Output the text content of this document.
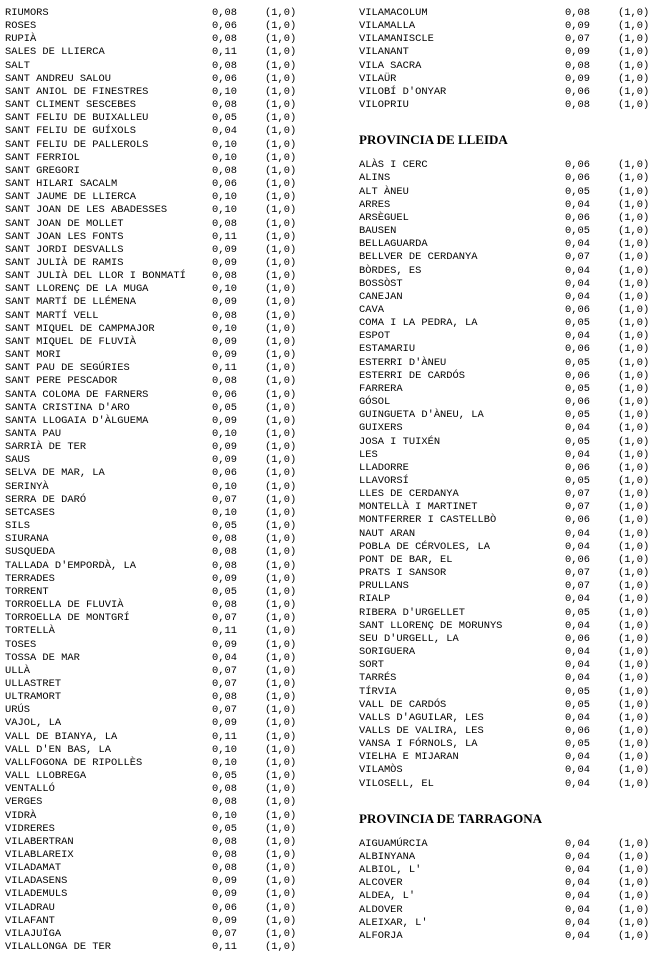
RIUMORS	0,08	(1,0)
ROSES	0,06	(1,0)
RUPIÀ	0,08	(1,0)
SALES DE LLIERCA	0,11	(1,0)
SALT	0,08	(1,0)
SANT ANDREU SALOU	0,06	(1,0)
SANT ANIOL DE FINESTRES	0,10	(1,0)
SANT CLIMENT SESCEBES	0,08	(1,0)
SANT FELIU DE BUIXALLEU	0,05	(1,0)
SANT FELIU DE GUÍXOLS	0,04	(1,0)
SANT FELIU DE PALLEROLS	0,10	(1,0)
SANT FERRIOL	0,10	(1,0)
SANT GREGORI	0,08	(1,0)
SANT HILARI SACALM	0,06	(1,0)
SANT JAUME DE LLIERCA	0,10	(1,0)
SANT JOAN DE LES ABADESSES	0,10	(1,0)
SANT JOAN DE MOLLET	0,08	(1,0)
SANT JOAN LES FONTS	0,11	(1,0)
SANT JORDI DESVALLS	0,09	(1,0)
SANT JULIÀ DE RAMIS	0,09	(1,0)
SANT JULIÀ DEL LLOR I BONMATÍ	0,08	(1,0)
SANT LLORENÇ DE LA MUGA	0,10	(1,0)
SANT MARTÍ DE LLÉMENA	0,09	(1,0)
SANT MARTÍ VELL	0,08	(1,0)
SANT MIQUEL DE CAMPMAJOR	0,10	(1,0)
SANT MIQUEL DE FLUVIÀ	0,09	(1,0)
SANT MORI	0,09	(1,0)
SANT PAU DE SEGÚRIES	0,11	(1,0)
SANT PERE PESCADOR	0,08	(1,0)
SANTA COLOMA DE FARNERS	0,06	(1,0)
SANTA CRISTINA D'ARO	0,05	(1,0)
SANTA LLOGAIA D'ÀLGUEMA	0,09	(1,0)
SANTA PAU	0,10	(1,0)
SARRIÀ DE TER	0,09	(1,0)
SAUS	0,09	(1,0)
SELVA DE MAR, LA	0,06	(1,0)
SERINYÀ	0,10	(1,0)
SERRA DE DARÓ	0,07	(1,0)
SETCASES	0,10	(1,0)
SILS	0,05	(1,0)
SIURANA	0,08	(1,0)
SUSQUEDA	0,08	(1,0)
TALLADA D'EMPORDÀ, LA	0,08	(1,0)
TERRADES	0,09	(1,0)
TORRENT	0,05	(1,0)
TORROELLA DE FLUVIÀ	0,08	(1,0)
TORROELLA DE MONTGRÍ	0,07	(1,0)
TORTELLÀ	0,11	(1,0)
TOSES	0,09	(1,0)
TOSSA DE MAR	0,04	(1,0)
ULLÀ	0,07	(1,0)
ULLASTRET	0,07	(1,0)
ULTRAMORT	0,08	(1,0)
URÚS	0,07	(1,0)
VAJOL, LA	0,09	(1,0)
VALL DE BIANYA, LA	0,11	(1,0)
VALL D'EN BAS, LA	0,10	(1,0)
VALLFOGONA DE RIPOLLÈS	0,10	(1,0)
VALL LLOBREGA	0,05	(1,0)
VENTALLÓ	0,08	(1,0)
VERGES	0,08	(1,0)
VIDRÀ	0,10	(1,0)
VIDRERES	0,05	(1,0)
VILABERTRAN	0,08	(1,0)
VILABLAREIX	0,08	(1,0)
VILADAMAT	0,08	(1,0)
VILADASENS	0,09	(1,0)
VILADEMULS	0,09	(1,0)
VILADRAU	0,06	(1,0)
VILAFANT	0,09	(1,0)
VILAJUÏGA	0,07	(1,0)
VILALLONGA DE TER	0,11	(1,0)
VILAMACOLUM	0,08	(1,0)
VILAMALLA	0,09	(1,0)
VILAMANISCLE	0,07	(1,0)
VILANANT	0,09	(1,0)
VILA SACRA	0,08	(1,0)
VILAÜR	0,09	(1,0)
VILOBÍ D'ONYAR	0,06	(1,0)
VILOPRIU	0,08	(1,0)
PROVINCIA DE LLEIDA
ALÀS I CERC	0,06	(1,0)
ALINS	0,06	(1,0)
ALT ÀNEU	0,05	(1,0)
ARRES	0,04	(1,0)
ARSÈGUEL	0,06	(1,0)
BAUSEN	0,05	(1,0)
BELLAGUARDA	0,04	(1,0)
BELLVER DE CERDANYA	0,07	(1,0)
BÒRDES, ES	0,04	(1,0)
BOSSÒST	0,04	(1,0)
CANEJAN	0,04	(1,0)
CAVA	0,06	(1,0)
COMA I LA PEDRA, LA	0,05	(1,0)
ESPOT	0,04	(1,0)
ESTAMARIU	0,06	(1,0)
ESTERRI D'ÀNEU	0,05	(1,0)
ESTERRI DE CARDÓS	0,06	(1,0)
FARRERA	0,05	(1,0)
GÓSOL	0,06	(1,0)
GUINGUETA D'ÀNEU, LA	0,05	(1,0)
GUIXERS	0,04	(1,0)
JOSA I TUIXÉN	0,05	(1,0)
LES	0,04	(1,0)
LLADORRE	0,06	(1,0)
LLAVORSÍ	0,05	(1,0)
LLES DE CERDANYA	0,07	(1,0)
MONTELLÀ I MARTINET	0,07	(1,0)
MONTFERRER I CASTELLBÒ	0,06	(1,0)
NAUT ARAN	0,04	(1,0)
POBLA DE CÉRVOLES, LA	0,04	(1,0)
PONT DE BAR, EL	0,06	(1,0)
PRATS I SANSOR	0,07	(1,0)
PRULLANS	0,07	(1,0)
RIALP	0,04	(1,0)
RIBERA D'URGELLET	0,05	(1,0)
SANT LLORENÇ DE MORUNYS	0,04	(1,0)
SEU D'URGELL, LA	0,06	(1,0)
SORIGUERA	0,04	(1,0)
SORT	0,04	(1,0)
TARRÉS	0,04	(1,0)
TÍRVIA	0,05	(1,0)
VALL DE CARDÓS	0,05	(1,0)
VALLS D'AGUILAR, LES	0,04	(1,0)
VALLS DE VALIRA, LES	0,06	(1,0)
VANSA I FÓRNOLS, LA	0,05	(1,0)
VIELHA E MIJARAN	0,04	(1,0)
VILAMÒS	0,04	(1,0)
VILOSELL, EL	0,04	(1,0)
PROVINCIA DE TARRAGONA
AIGUAMÚRCIA	0,04	(1,0)
ALBINYANA	0,04	(1,0)
ALBIOL, L'	0,04	(1,0)
ALCOVER	0,04	(1,0)
ALDEA, L'	0,04	(1,0)
ALDOVER	0,04	(1,0)
ALEIXAR, L'	0,04	(1,0)
ALFORJA	0,04	(1,0)
